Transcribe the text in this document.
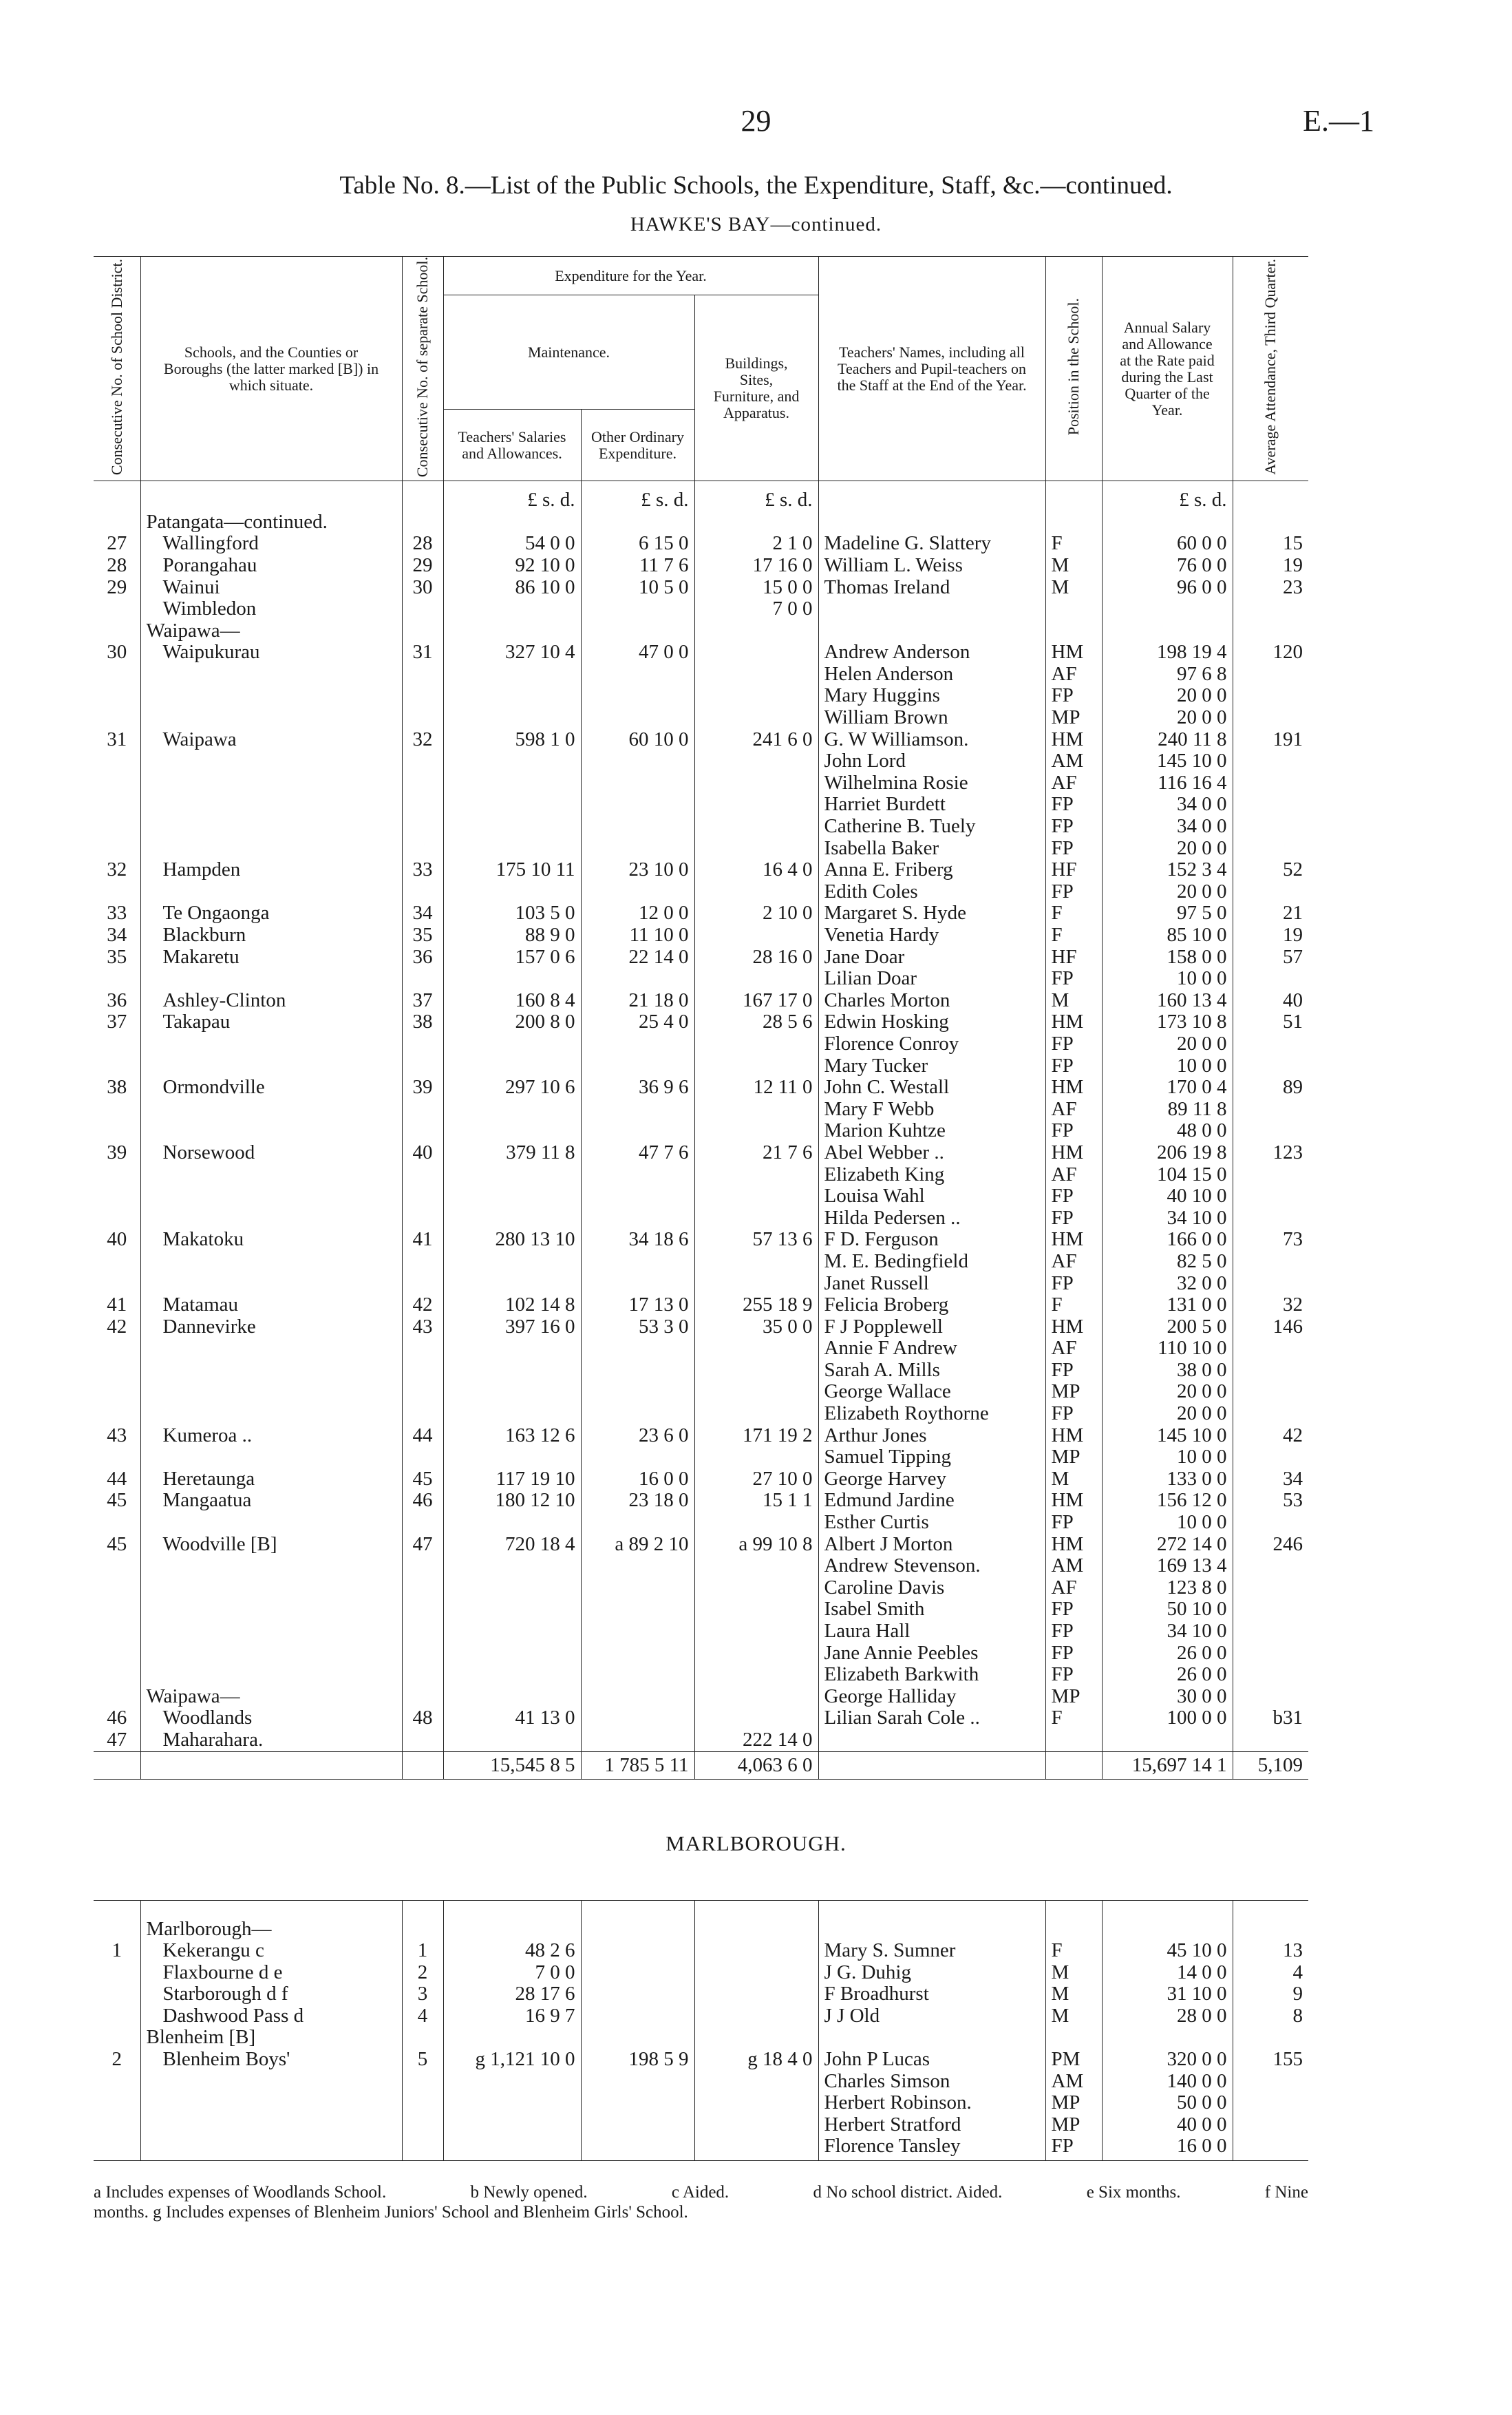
29	E.—1
Table No. 8.—List of the Public Schools, the Expenditure, Staff, &c.—continued.
HAWKE'S BAY—continued.
Consecutive No. of School District.	Schools, and the Counties or Boroughs (the latter marked [B]) in which situate.	Consecutive No. of separate School.	Expenditure for the Year.			Teachers' Names, including all Teachers and Pupil-teachers on the Staff at the End of the Year.	Position in the School.	Annual Salary and Allowance at the Rate paid during the Last Quarter of the Year.	Average Attendance, Third Quarter.
			Maintenance.		Buildings, Sites, Furniture, and Apparatus.				
			Teachers' Salaries and Allowances.	Other Ordinary Expenditure.					
			£ s. d.	£ s. d.	£ s. d.			£ s. d.	
	Patangata—continued.								
27	Wallingford	28	54 0 0	6 15 0	2 1 0	Madeline G. Slattery	F	60 0 0	15
28	Porangahau	29	92 10 0	11 7 6	17 16 0	William L. Weiss	M	76 0 0	19
29	Wainui	30	86 10 0	10 5 0	15 0 0	Thomas Ireland	M	96 0 0	23
	Wimbledon				7 0 0				
	Waipawa—								
30	Waipukurau	31	327 10 4	47 0 0		Andrew Anderson	HM	198 19 4	120
						Helen Anderson	AF	97 6 8	
						Mary Huggins	FP	20 0 0	
						William Brown	MP	20 0 0	
31	Waipawa	32	598 1 0	60 10 0	241 6 0	G. W Williamson.	HM	240 11 8	191
						John Lord	AM	145 10 0	
						Wilhelmina Rosie	AF	116 16 4	
						Harriet Burdett	FP	34 0 0	
						Catherine B. Tuely	FP	34 0 0	
						Isabella Baker	FP	20 0 0	
32	Hampden	33	175 10 11	23 10 0	16 4 0	Anna E. Friberg	HF	152 3 4	52
						Edith Coles	FP	20 0 0	
33	Te Ongaonga	34	103 5 0	12 0 0	2 10 0	Margaret S. Hyde	F	97 5 0	21
34	Blackburn	35	88 9 0	11 10 0		Venetia Hardy	F	85 10 0	19
35	Makaretu	36	157 0 6	22 14 0	28 16 0	Jane Doar	HF	158 0 0	57
						Lilian Doar	FP	10 0 0	
36	Ashley-Clinton	37	160 8 4	21 18 0	167 17 0	Charles Morton	M	160 13 4	40
37	Takapau	38	200 8 0	25 4 0	28 5 6	Edwin Hosking	HM	173 10 8	51
						Florence Conroy	FP	20 0 0	
						Mary Tucker	FP	10 0 0	
38	Ormondville	39	297 10 6	36 9 6	12 11 0	John C. Westall	HM	170 0 4	89
						Mary F Webb	AF	89 11 8	
						Marion Kuhtze	FP	48 0 0	
39	Norsewood	40	379 11 8	47 7 6	21 7 6	Abel Webber ..	HM	206 19 8	123
						Elizabeth King	AF	104 15 0	
						Louisa Wahl	FP	40 10 0	
						Hilda Pedersen ..	FP	34 10 0	
40	Makatoku	41	280 13 10	34 18 6	57 13 6	F D. Ferguson	HM	166 0 0	73
						M. E. Bedingfield	AF	82 5 0	
						Janet Russell	FP	32 0 0	
41	Matamau	42	102 14 8	17 13 0	255 18 9	Felicia Broberg	F	131 0 0	32
42	Dannevirke	43	397 16 0	53 3 0	35 0 0	F J Popplewell	HM	200 5 0	146
						Annie F Andrew	AF	110 10 0	
						Sarah A. Mills	FP	38 0 0	
						George Wallace	MP	20 0 0	
						Elizabeth Roythorne	FP	20 0 0	
43	Kumeroa ..	44	163 12 6	23 6 0	171 19 2	Arthur Jones	HM	145 10 0	42
						Samuel Tipping	MP	10 0 0	
44	Heretaunga	45	117 19 10	16 0 0	27 10 0	George Harvey	M	133 0 0	34
45	Mangaatua	46	180 12 10	23 18 0	15 1 1	Edmund Jardine	HM	156 12 0	53
						Esther Curtis	FP	10 0 0	
45	Woodville [B]	47	720 18 4	a 89 2 10	a 99 10 8	Albert J Morton	HM	272 14 0	246
						Andrew Stevenson.	AM	169 13 4	
						Caroline Davis	AF	123 8 0	
						Isabel Smith	FP	50 10 0	
						Laura Hall	FP	34 10 0	
						Jane Annie Peebles	FP	26 0 0	
						Elizabeth Barkwith	FP	26 0 0	
	Waipawa—					George Halliday	MP	30 0 0	
46	Woodlands	48	41 13 0			Lilian Sarah Cole ..	F	100 0 0	b31
47	Maharahara.				222 14 0				
			15,545 8 5	1 785 5 11	4,063 6 0			15,697 14 1	5,109
MARLBOROUGH.

	Marlborough—								
1	Kekerangu c	1	48 2 6			Mary S. Sumner	F	45 10 0	13
	Flaxbourne d e	2	7 0 0			J G. Duhig	M	14 0 0	4
	Starborough d f	3	28 17 6			F Broadhurst	M	31 10 0	9
	Dashwood Pass d	4	16 9 7			J J Old	M	28 0 0	8
	Blenheim [B]								
2	Blenheim Boys'	5	g 1,121 10 0	198 5 9	g 18 4 0	John P Lucas	PM	320 0 0	155
						Charles Simson	AM	140 0 0	
						Herbert Robinson.	MP	50 0 0	
						Herbert Stratford	MP	40 0 0	
						Florence Tansley	FP	16 0 0	

a Includes expenses of Woodlands School.	b Newly opened.	c Aided.	d No school district. Aided.	e Six months.	f Nine
months. g Includes expenses of Blenheim Juniors' School and Blenheim Girls' School.
